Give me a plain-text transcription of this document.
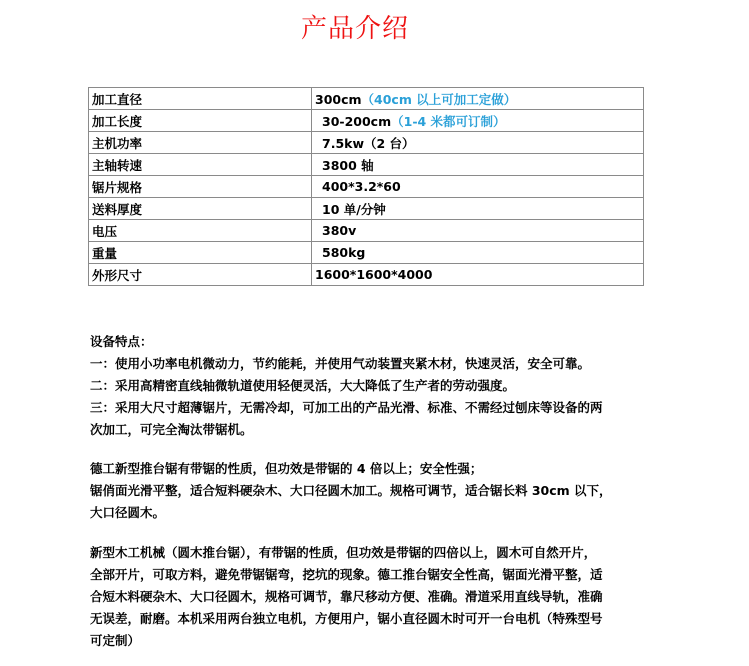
产品介绍
加工直径	300cm（40cm 以上可加工定做）
加工长度	30-200cm（1-4 米都可订制）
主机功率	7.5kw（2 台）
主轴转速	3800 轴
锯片规格	400*3.2*60
送料厚度	10 单/分钟
电压	380v
重量	580kg
外形尺寸	1600*1600*4000

设备特点：

一：使用小功率电机微动力，节约能耗，并使用气动装置夹紧木材，快速灵活，安全可靠。

二：采用高精密直线轴微轨道使用轻便灵活，大大降低了生产者的劳动强度。

三：采用大尺寸超薄锯片，无需冷却，可加工出的产品光滑、标准、不需经过刨床等设备的两

次加工，可完全淘汰带锯机。

德工新型推台锯有带锯的性质，但功效是带锯的 4 倍以上；安全性强；

锯俏面光滑平整，适合短料硬杂木、大口径圆木加工。规格可调节，适合锯长料 30cm 以下，

大口径圆木。

新型木工机械（圆木推台锯），有带锯的性质，但功效是带锯的四倍以上，圆木可自然开片，

全部开片，可取方料，避免带锯锯弯，挖坑的现象。德工推台锯安全性高，锯面光滑平整，适

合短木料硬杂木、大口径圆木，规格可调节，靠尺移动方便、准确。滑道采用直线导轨，准确

无误差，耐磨。本机采用两台独立电机，方便用户，锯小直径圆木时可开一台电机（特殊型号

可定制）
